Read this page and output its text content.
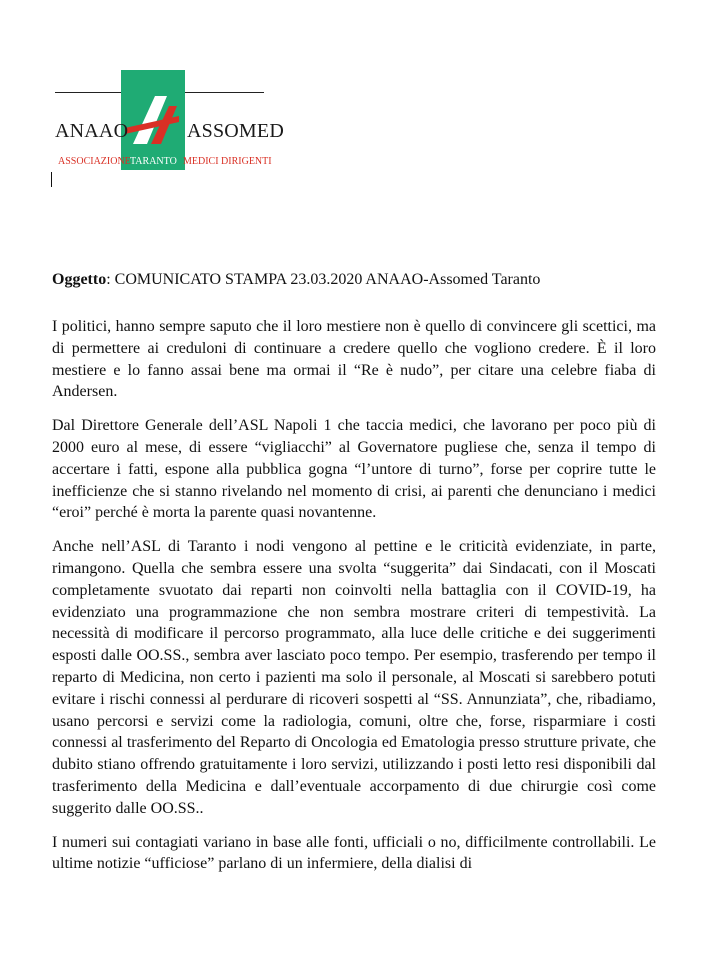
ANAAO	ASSOMED
ASSOCIAZIONE TARANTO MEDICI DIRIGENTI
Oggetto: COMUNICATO STAMPA 23.03.2020 ANAAO-Assomed Taranto

I politici, hanno sempre saputo che il loro mestiere non è quello di convincere gli scettici, ma di permettere ai creduloni di continuare a credere quello che vogliono credere. È il loro mestiere e lo fanno assai bene ma ormai il “Re è nudo”, per citare una celebre fiaba di Andersen.

Dal Direttore Generale dell’ASL Napoli 1 che taccia medici, che lavorano per poco più di 2000 euro al mese, di essere “vigliacchi” al Governatore pugliese che, senza il tempo di accertare i fatti, espone alla pubblica gogna “l’untore di turno”, forse per coprire tutte le inefficienze che si stanno rivelando nel momento di crisi, ai parenti che denunciano i medici “eroi” perché è morta la parente quasi novantenne.

Anche nell’ASL di Taranto i nodi vengono al pettine e le criticità evidenziate, in parte, rimangono. Quella che sembra essere una svolta “suggerita” dai Sindacati, con il Moscati completamente svuotato dai reparti non coinvolti nella battaglia con il COVID-19, ha evidenziato una programmazione che non sembra mostrare criteri di tempestività. La necessità di modificare il percorso programmato, alla luce delle critiche e dei suggerimenti esposti dalle OO.SS., sembra aver lasciato poco tempo. Per esempio, trasferendo per tempo il reparto di Medicina, non certo i pazienti ma solo il personale, al Moscati si sarebbero potuti evitare i rischi connessi al perdurare di ricoveri sospetti al “SS. Annunziata”, che, ribadiamo, usano percorsi e servizi come la radiologia, comuni, oltre che, forse, risparmiare i costi connessi al trasferimento del Reparto di Oncologia ed Ematologia presso strutture private, che dubito stiano offrendo gratuitamente i loro servizi, utilizzando i posti letto resi disponibili dal trasferimento della Medicina e dall’eventuale accorpamento di due chirurgie così come suggerito dalle OO.SS..

I numeri sui contagiati variano in base alle fonti, ufficiali o no, difficilmente controllabili. Le ultime notizie “ufficiose” parlano di un infermiere, della dialisi di
